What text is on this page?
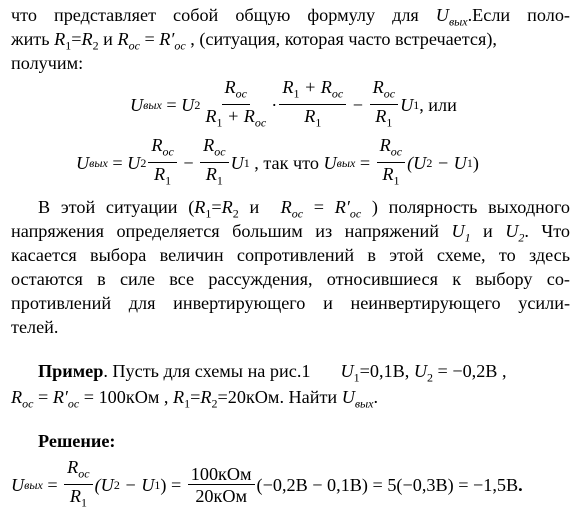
что представляет собой общую формулу для $U_{вых}.Если$ поло-
жить $R_1=R_2$ и $R_{oc} = R'_{oc}$ , (ситуация, которая часто встречается),
получим:
U вых = U 2
$R_{oc}$
$R_1 + R_{oc}$
·
$R_1 + R_{oc}$
$R_1$
−
$R_{oc}$
$R_1$
U 1 , или
U вых = U 2
$R_{oc}$
$R_1$
−
$R_{oc}$
$R_1$
U 1 , так что U вых =
$R_{oc}$
$R_1$
(U 2 − U 1 )
В этой ситуации ($R_1=R_2$ и  $R_{oc} = R'_{oc}$ ) полярность выходного
напряжения определяется большим из напряжений $U_1$ и $U_2$. Что
касается выбора величин сопротивлений в этой схеме, то здесь
остаются в силе все рассуждения, относившиеся к выбору со-
противлений для инвертирующего и неинвертирующего усили-
телей.
Пример. Пусть для схемы на рис.1 $U_1=0,1В$, $U_2 = -0,2В$ ,
$R_{oc} = R'_{oc} = 100кОм$ , $R_1=R_2=20кОм$. Найти $U_{вых}$.
Решение:
U вых =
$R_{oc}$
$R_1$
(U 2 − U 1 ) =
100кОм
20кОм
(−0,2В − 0,1В) = 5(−0,3В) = −1,5В .
